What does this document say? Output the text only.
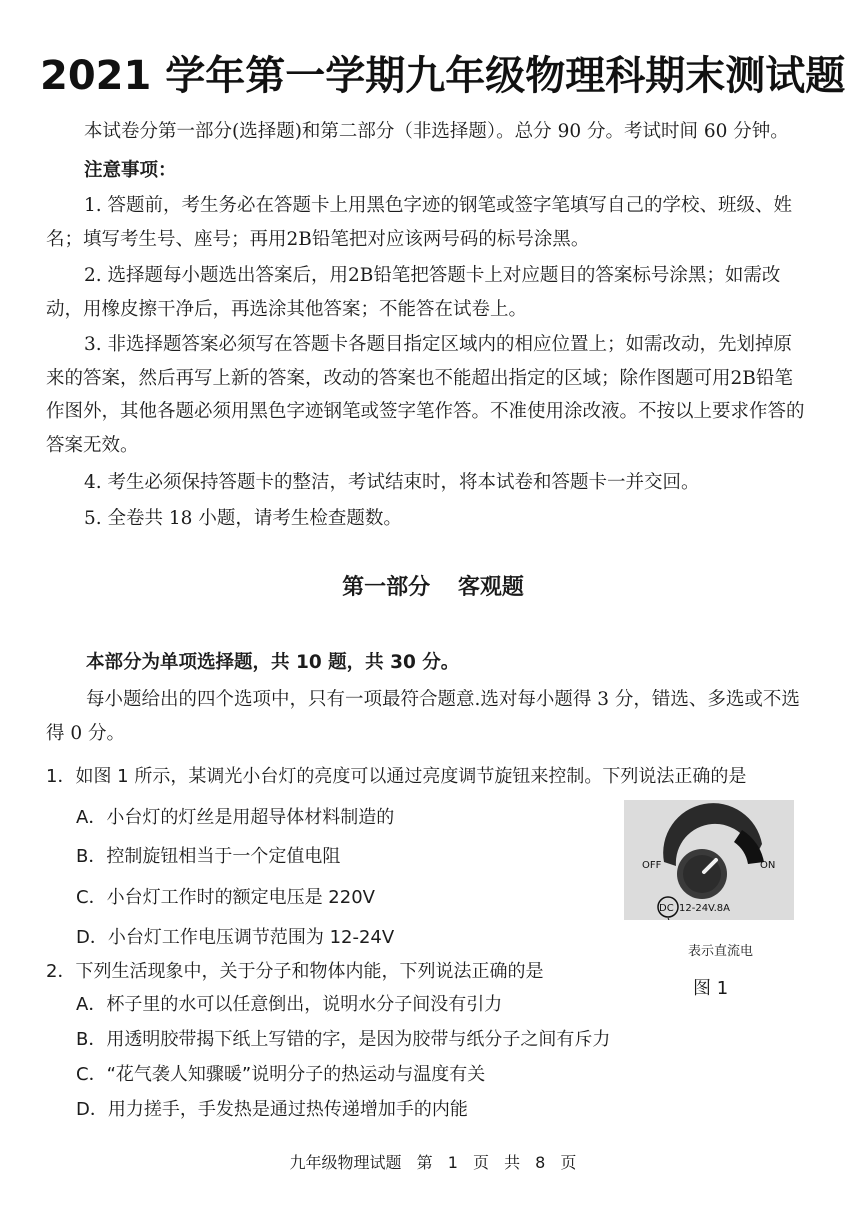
2021 学年第一学期九年级物理科期末测试题
本试卷分第一部分(选择题)和第二部分（非选择题）。总分 90 分。考试时间 60 分钟。
注意事项：
1. 答题前，考生务必在答题卡上用黑色字迹的钢笔或签字笔填写自己的学校、班级、姓名；填写考生号、座号；再用2B铅笔把对应该两号码的标号涂黑。
2. 选择题每小题选出答案后，用2B铅笔把答题卡上对应题目的答案标号涂黑；如需改动，用橡皮擦干净后，再选涂其他答案；不能答在试卷上。
3. 非选择题答案必须写在答题卡各题目指定区域内的相应位置上；如需改动，先划掉原来的答案，然后再写上新的答案，改动的答案也不能超出指定的区域；除作图题可用2B铅笔作图外，其他各题必须用黑色字迹钢笔或签字笔作答。不准使用涂改液。不按以上要求作答的答案无效。
4. 考生必须保持答题卡的整洁，考试结束时，将本试卷和答题卡一并交回。
5. 全卷共 18 小题，请考生检查题数。
第一部分 客观题
本部分为单项选择题，共 10 题，共 30 分。
每小题给出的四个选项中，只有一项最符合题意.选对每小题得 3 分，错选、多选或不选得 0 分。
1．如图 1 所示，某调光小台灯的亮度可以通过亮度调节旋钮来控制。下列说法正确的是
A．小台灯的灯丝是用超导体材料制造的
B．控制旋钮相当于一个定值电阻
C．小台灯工作时的额定电压是 220V
D．小台灯工作电压调节范围为 12-24V
OFF	ON
DC 12-24V.8A
表示直流电
图 1
2．下列生活现象中，关于分子和物体内能，下列说法正确的是
A．杯子里的水可以任意倒出，说明水分子间没有引力
B．用透明胶带揭下纸上写错的字，是因为胶带与纸分子之间有斥力
C．“花气袭人知骤暖”说明分子的热运动与温度有关
D．用力搓手，手发热是通过热传递增加手的内能
九年级物理试题 第 1 页 共 8 页
